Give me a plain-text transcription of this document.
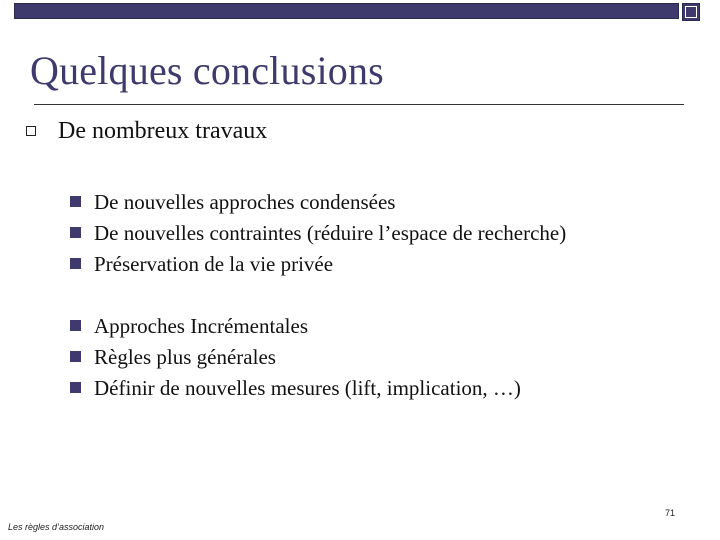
Quelques conclusions
De nombreux travaux
De nouvelles approches condensées
De nouvelles contraintes (réduire l’espace de recherche)
Préservation de la vie privée
Approches Incrémentales
Règles plus générales
Définir de nouvelles mesures (lift, implication, …)
71
Les règles d’association
